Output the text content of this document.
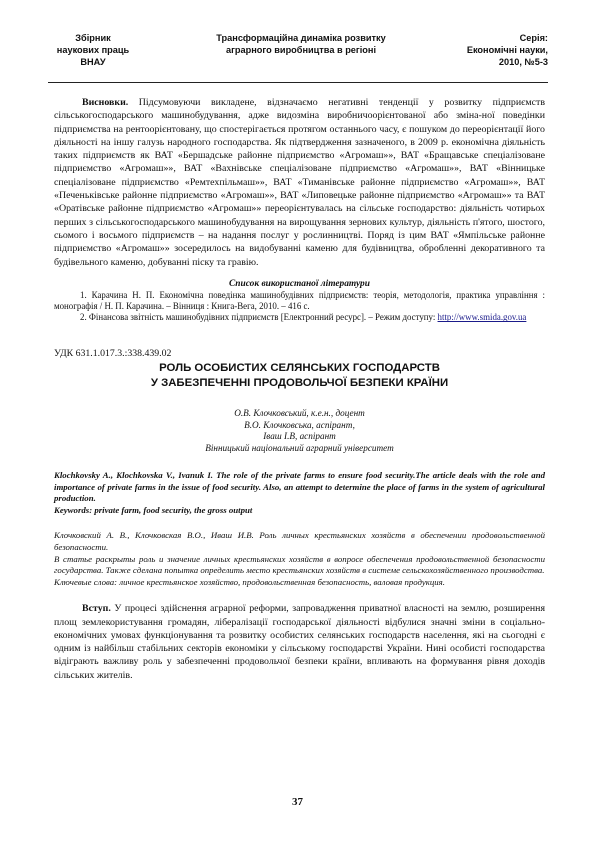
Збірник
наукових праць
ВНАУ
Трансформаційна динаміка розвитку
аграрного виробництва в регіоні
Серія:
Економічні науки,
2010, №5-3

Висновки. Підсумовуючи викладене, відзначаємо негативні тенденції у розвитку підприємств сільськогосподарського машинобудування, адже видозміна виробничоорієнтованої або зміна-ної поведінки підприємства на рентоорієнтовану, що спостерігається протягом останнього часу, є пошуком до переорієнтації його діяльності на іншу галузь народного господарства. Як підтвердження зазначеного, в 2009 р. економічна діяльність таких підприємств як ВАТ «Бершадське районне підприємство «Агромаш»», ВАТ «Бращавське спеціалізоване підприємство «Агромаш»», ВАТ «Вахнівське спеціалізоване підприємство «Агромаш»», ВАТ «Вінницьке спеціалізоване підприємство «Ремтехпільмаш»», ВАТ «Тиманівське районне підприємство «Агромаш»», ВАТ «Печеньківське районне підприємство «Агромаш»», ВАТ «Липовецьке районне підприємство «Агромаш»» та ВАТ «Оратівське районне підприємство «Агромаш»» переорієнтувалась на сільське господарство: діяльність чотирьох перших з сільськогосподарського машинобудування на вирощування зернових культур, діяльність п'ятого, шостого, сьомого і восьмого підприємств – на надання послуг у рослинництві. Поряд із цим ВАТ «Ямпільське районне підприємство «Агромаш»» зосередилось на видобуванні каменю для будівництва, обробленні декоративного та будівельного каменю, добуванні піску та гравію.

Список використаної літератури

1. Карачина Н. П. Економічна поведінка машинобудівних підприємств: теорія, методологія, практика управління : монографія / Н. П. Карачина. – Вінниця : Книга-Вега, 2010. – 416 с.

2. Фінансова звітність машинобудівних підприємств [Електронний ресурс]. – Режим доступу: http://www.smida.gov.ua

УДК 631.1.017.3.:338.439.02

РОЛЬ ОСОБИСТИХ СЕЛЯНСЬКИХ ГОСПОДАРСТВ
У ЗАБЕЗПЕЧЕННІ ПРОДОВОЛЬЧОЇ БЕЗПЕКИ КРАЇНИ
О.В. Клочковський, к.е.н., доцент
В.О. Клочковська, аспірант,
Іваш І.В, аспірант
Вінницький національний аграрний університет

Klochkovsky A., Klochkovska V., Ivanuk I. The role of the private farms to ensure food security.The article deals with the role and importance of private farms in the issue of food security. Also, an attempt to determine the place of farms in the system of agricultural production.

Keywords: private farm, food security, the gross output

Клочковский А. В., Клочковская В.О., Иваш И.В. Роль личных крестьянских хозяйств в обеспечении продовольственной безопасности.

В статье раскрыты роль и значение личных крестьянских хозяйств в вопросе обеспечения продовольственной безопасности государства. Также сделана попытка определить место крестьянских хозяйств в системе сельскохозяйственного производства.

Ключевые слова: личное крестьянское хозяйство, продовольственная безопасность, валовая продукция.

Вступ. У процесі здійснення аграрної реформи, запровадження приватної власності на землю, розширення площ землекористування громадян, лібералізації господарської діяльності відбулися значні зміни в соціально-економічних умовах функціонування та розвитку особистих селянських господарств населення, які на сьогодні є одним із найбільш стабільних секторів економіки у сільському господарстві України. Нині особисті господарства відіграють важливу роль у забезпеченні продовольчої безпеки країни, впливають на формування рівня доходів сільських жителів.

37
